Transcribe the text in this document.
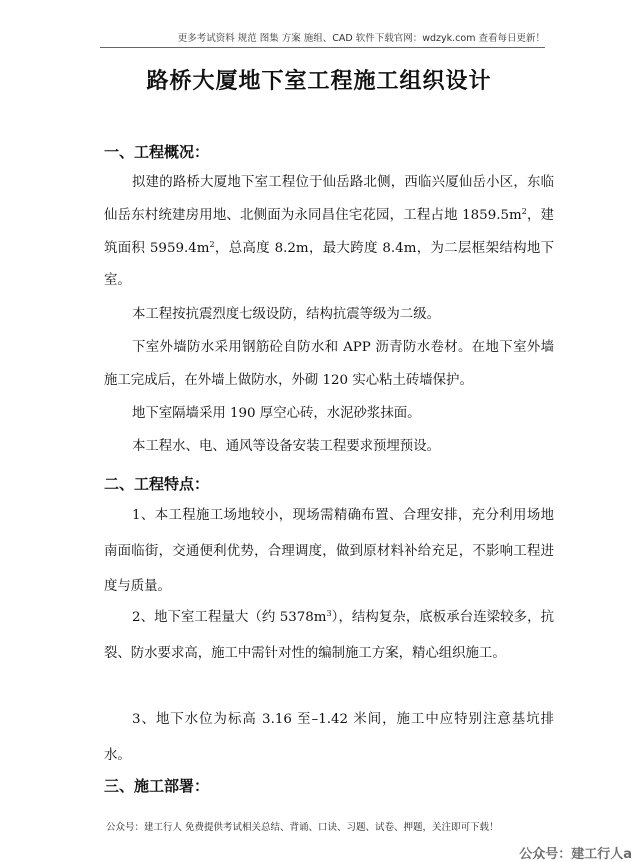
更多考试资料 规范 图集 方案 施组、CAD 软件下载官网：wdzyk.com 查看每日更新！
路桥大厦地下室工程施工组织设计
一、工程概况：
拟建的路桥大厦地下室工程位于仙岳路北侧，西临兴厦仙岳小区，东临仙岳东村统建房用地、北侧面为永同昌住宅花园，工程占地 $1859.5m^2$，建筑面积 $5959.4m^2$，总高度 8.2m，最大跨度 8.4m，为二层框架结构地下室。
本工程按抗震烈度七级设防，结构抗震等级为二级。
下室外墙防水采用钢筋砼自防水和 APP 沥青防水卷材。在地下室外墙施工完成后，在外墙上做防水，外砌 120 实心粘土砖墙保护。
地下室隔墙采用 190 厚空心砖，水泥砂浆抹面。
本工程水、电、通风等设备安装工程要求预埋预设。
二、工程特点：
1、本工程施工场地较小，现场需精确布置、合理安排，充分利用场地南面临街，交通便利优势，合理调度，做到原材料补给充足，不影响工程进度与质量。
2、地下室工程量大（约 $5378m^3$），结构复杂，底板承台连梁较多，抗裂、防水要求高，施工中需针对性的编制施工方案，精心组织施工。
3、地下水位为标高 3.16 至–1.42 米间，施工中应特别注意基坑排水。
三、施工部署：
公众号：建工行人 免费提供考试相关总结、背诵、口诀、习题、试卷、押题，关注即可下载！
公众号：建工行人a
